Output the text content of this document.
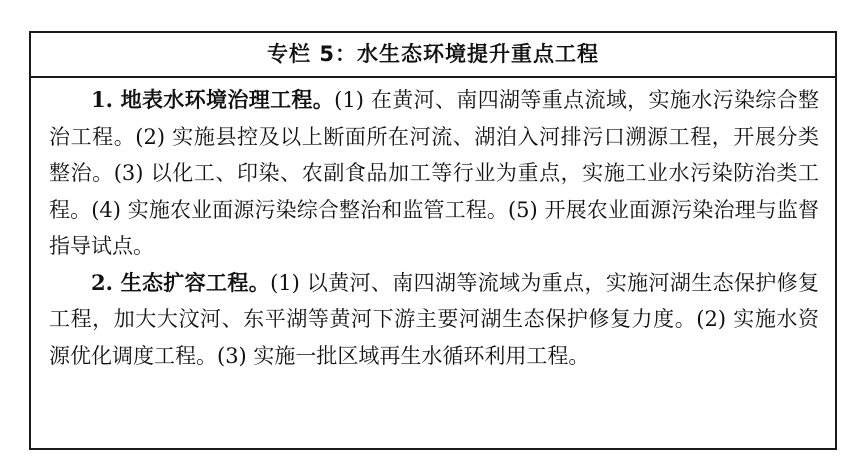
专栏 5：水生态环境提升重点工程

1. 地表水环境治理工程。(1) 在黄河、南四湖等重点流域，实施水污染综合整治工程。(2) 实施县控及以上断面所在河流、湖泊入河排污口溯源工程，开展分类整治。(3) 以化工、印染、农副食品加工等行业为重点，实施工业水污染防治类工程。(4) 实施农业面源污染综合整治和监管工程。(5) 开展农业面源污染治理与监督指导试点。

2. 生态扩容工程。(1) 以黄河、南四湖等流域为重点，实施河湖生态保护修复工程，加大大汶河、东平湖等黄河下游主要河湖生态保护修复力度。(2) 实施水资源优化调度工程。(3) 实施一批区域再生水循环利用工程。
